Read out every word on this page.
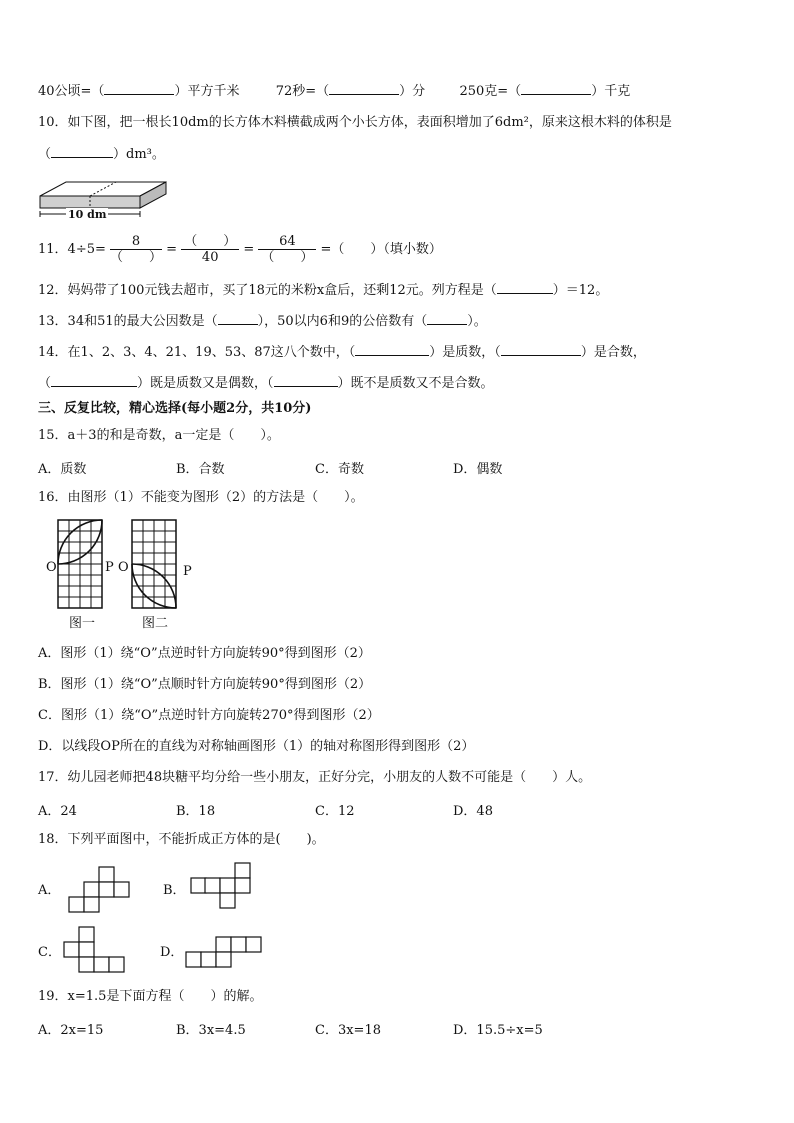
40公顷=（	）平方千米	72秒=（	）分	250克=（	）千克
10．如下图，把一根长10dm的长方体木料横截成两个小长方体，表面积增加了6dm²，原来这根木料的体积是
（	）dm³。
10 dm
11．$4\div 5= \frac{8}{( )} = \frac{( )}{40} = \frac{64}{( )}$ =（　　）（填小数）
12．妈妈带了100元钱去超市，买了18元的米粉x盒后，还剩12元。列方程是（	）＝12。
13．34和51的最大公因数是（	），50以内6和9的公倍数有（	）。
14．在1、2、3、4、21、19、53、87这八个数中，（	）是质数，（	）是合数，
（	）既是质数又是偶数，（	）既不是质数又不是合数。
三、反复比较，精心选择(每小题2分，共10分)
15．a＋3的和是奇数，a一定是（　　）。
A．质数	B．合数	C．奇数	D．偶数
16．由图形（1）不能变为图形（2）的方法是（　　）。
O	P O	P
图一	图二
A．图形（1）绕“O”点逆时针方向旋转90°得到图形（2）
B．图形（1）绕“O”点顺时针方向旋转90°得到图形（2）
C．图形（1）绕“O”点逆时针方向旋转270°得到图形（2）
D．以线段OP所在的直线为对称轴画图形（1）的轴对称图形得到图形（2）
17．幼儿园老师把48块糖平均分给一些小朋友，正好分完，小朋友的人数不可能是（　　）人。
A．24	B．18	C．12	D．48
18．下列平面图中，不能折成正方体的是(　　)。
A．	B．
C．	D．
19．x=1.5是下面方程（　　）的解。
A．2x=15	B．3x=4.5	C．3x=18	D．15.5÷x=5
